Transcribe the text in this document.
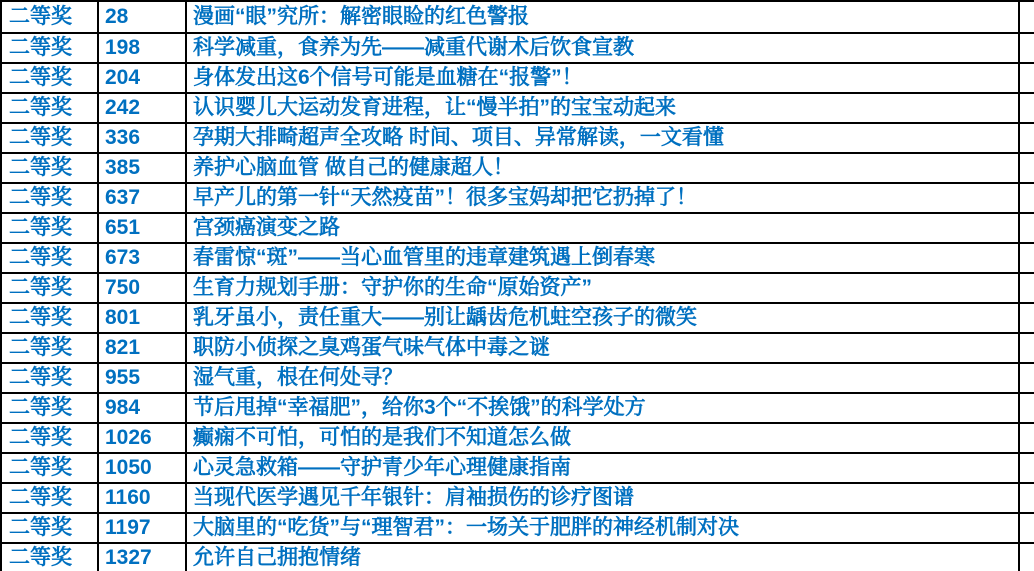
二等奖	28	漫画“眼”究所：解密眼睑的红色警报
二等奖	198	科学减重，食养为先——减重代谢术后饮食宣教
二等奖	204	身体发出这6个信号可能是血糖在“报警”！
二等奖	242	认识婴儿大运动发育进程，让“慢半拍”的宝宝动起来
二等奖	336	孕期大排畸超声全攻略 时间、项目、异常解读，一文看懂
二等奖	385	养护心脑血管 做自己的健康超人！
二等奖	637	早产儿的第一针“天然疫苗”！很多宝妈却把它扔掉了！
二等奖	651	宫颈癌演变之路
二等奖	673	春雷惊“斑”——当心血管里的违章建筑遇上倒春寒
二等奖	750	生育力规划手册：守护你的生命“原始资产”
二等奖	801	乳牙虽小，责任重大——别让龋齿危机蛀空孩子的微笑
二等奖	821	职防小侦探之臭鸡蛋气味气体中毒之谜
二等奖	955	湿气重，根在何处寻？
二等奖	984	节后甩掉“幸福肥”，给你3个“不挨饿”的科学处方
二等奖	1026	癫痫不可怕，可怕的是我们不知道怎么做
二等奖	1050	心灵急救箱——守护青少年心理健康指南
二等奖	1160	当现代医学遇见千年银针：肩袖损伤的诊疗图谱
二等奖	1197	大脑里的“吃货”与“理智君”：一场关于肥胖的神经机制对决
二等奖	1327	允许自己拥抱情绪
